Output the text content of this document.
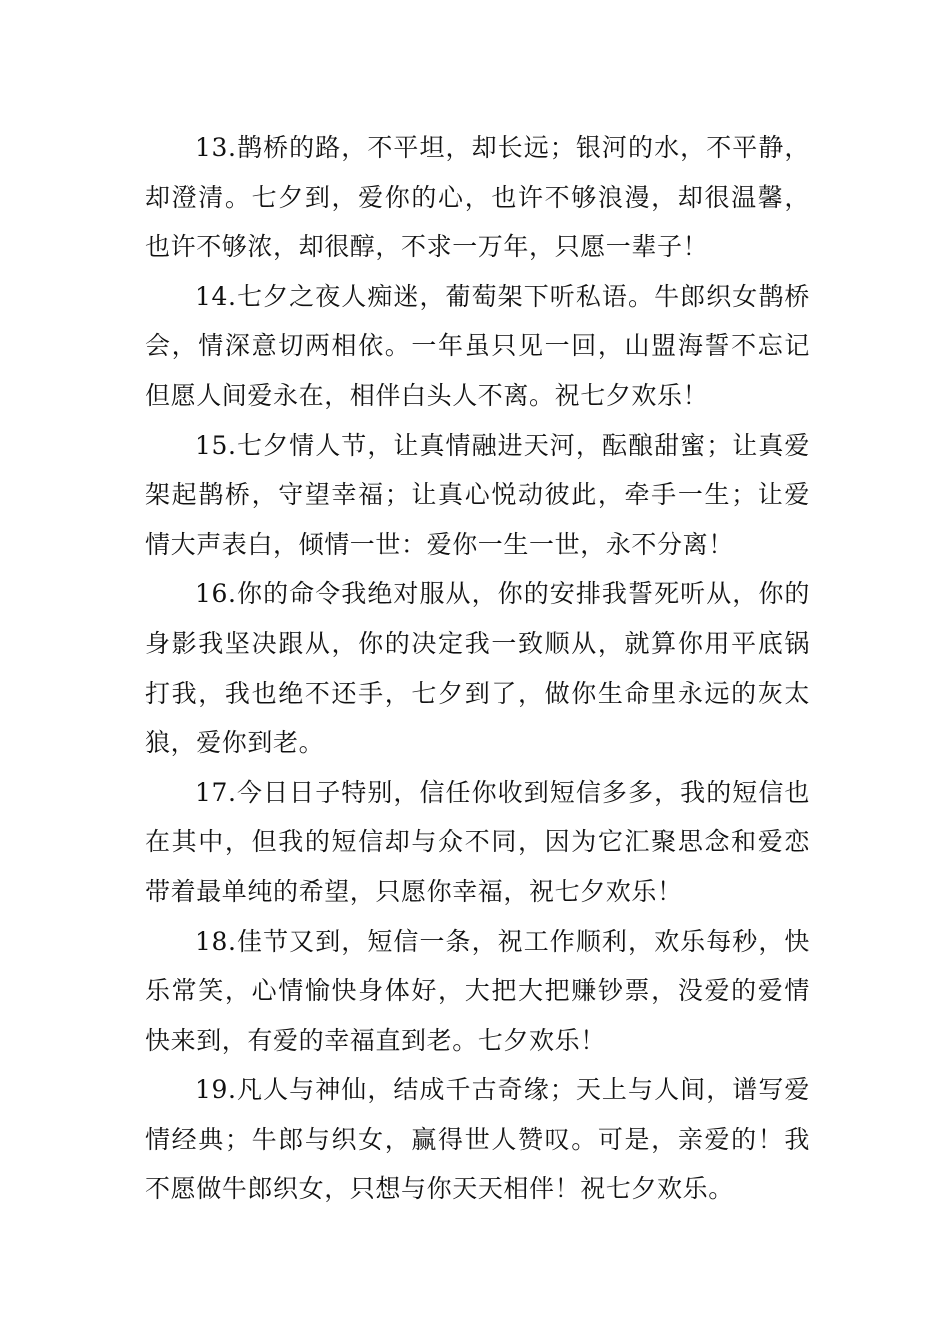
13.鹊桥的路，不平坦，却长远；银河的水，不平静，却澄清。七夕到，爱你的心，也许不够浪漫，却很温馨，也许不够浓，却很醇，不求一万年，只愿一辈子！

14.七夕之夜人痴迷，葡萄架下听私语。牛郎织女鹊桥会，情深意切两相依。一年虽只见一回，山盟海誓不忘记但愿人间爱永在，相伴白头人不离。祝七夕欢乐！

15.七夕情人节，让真情融进天河，酝酿甜蜜；让真爱架起鹊桥，守望幸福；让真心悦动彼此，牵手一生；让爱情大声表白，倾情一世：爱你一生一世，永不分离！

16.你的命令我绝对服从，你的安排我誓死听从，你的身影我坚决跟从，你的决定我一致顺从，就算你用平底锅打我，我也绝不还手，七夕到了，做你生命里永远的灰太狼，爱你到老。

17.今日日子特别，信任你收到短信多多，我的短信也在其中，但我的短信却与众不同，因为它汇聚思念和爱恋带着最单纯的希望，只愿你幸福，祝七夕欢乐！

18.佳节又到，短信一条，祝工作顺利，欢乐每秒，快乐常笑，心情愉快身体好，大把大把赚钞票，没爱的爱情快来到，有爱的幸福直到老。七夕欢乐！

19.凡人与神仙，结成千古奇缘；天上与人间，谱写爱情经典；牛郎与织女，赢得世人赞叹。可是，亲爱的！我不愿做牛郎织女，只想与你天天相伴！祝七夕欢乐。
